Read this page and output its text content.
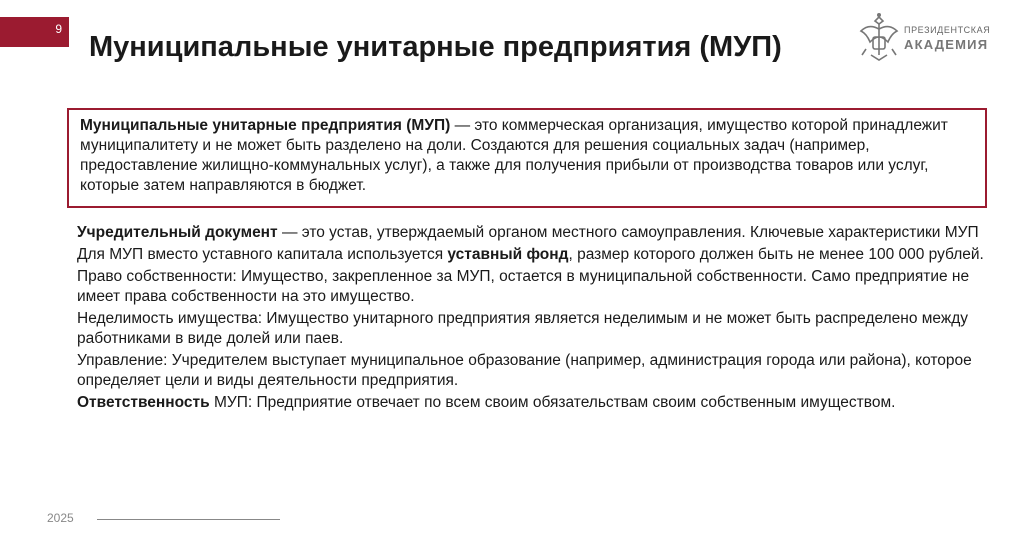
9
Муниципальные унитарные предприятия (МУП)
ПРЕЗИДЕНТСКАЯ
АКАДЕМИЯ
Муниципальные унитарные предприятия (МУП) — это коммерческая организация, имущество которой принадлежит муниципалитету и не может быть разделено на доли. Создаются для решения социальных задач (например, предоставление жилищно-коммунальных услуг), а также для получения прибыли от производства товаров или услуг, которые затем направляются в бюджет.

Учредительный документ — это устав, утверждаемый органом местного самоуправления. Ключевые характеристики МУП

Для МУП вместо уставного капитала используется уставный фонд, размер которого должен быть не менее 100 000 рублей.

Право собственности: Имущество, закрепленное за МУП, остается в муниципальной собственности. Само предприятие не имеет права собственности на это имущество.

Неделимость имущества: Имущество унитарного предприятия является неделимым и не может быть распределено между работниками в виде долей или паев.

Управление: Учредителем выступает муниципальное образование (например, администрация города или района), которое определяет цели и виды деятельности предприятия.

Ответственность МУП: Предприятие отвечает по всем своим обязательствам своим собственным имуществом.

2025
